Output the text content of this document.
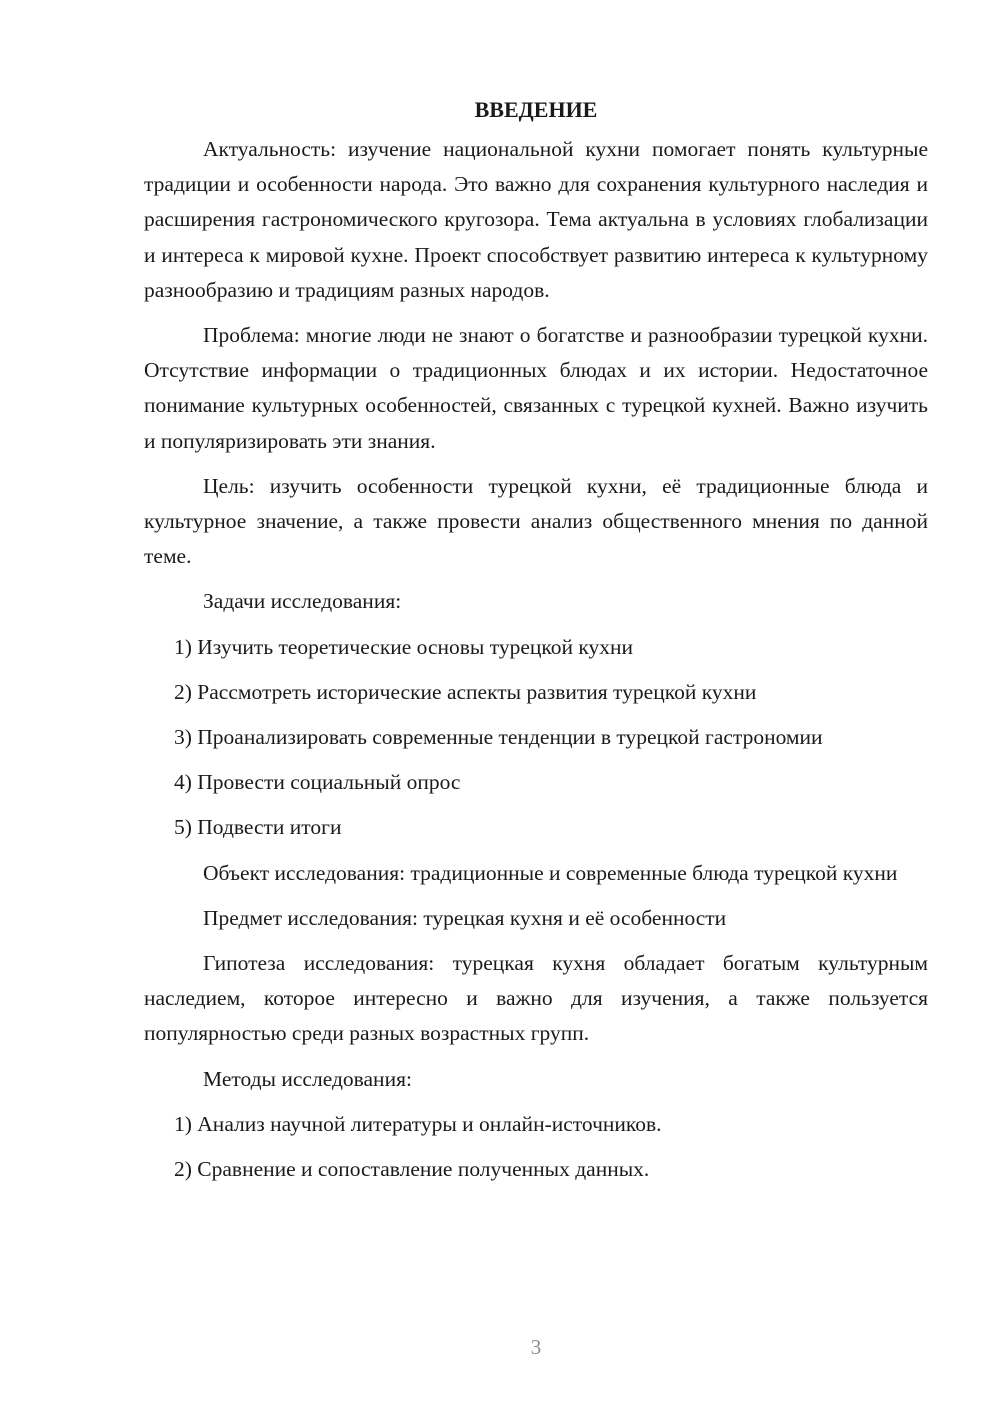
ВВЕДЕНИЕ

Актуальность: изучение национальной кухни помогает понять культурные традиции и особенности народа. Это важно для сохранения культурного наследия и расширения гастрономического кругозора. Тема актуальна в условиях глобализации и интереса к мировой кухне. Проект способствует развитию интереса к культурному разнообразию и традициям разных народов.

Проблема: многие люди не знают о богатстве и разнообразии турецкой кухни. Отсутствие информации о традиционных блюдах и их истории. Недостаточное понимание культурных особенностей, связанных с турецкой кухней. Важно изучить и популяризировать эти знания.

Цель: изучить особенности турецкой кухни, её традиционные блюда и культурное значение, а также провести анализ общественного мнения по данной теме.

Задачи исследования:

1) Изучить теоретические основы турецкой кухни
2) Рассмотреть исторические аспекты развития турецкой кухни
3) Проанализировать современные тенденции в турецкой гастрономии
4) Провести социальный опрос
5) Подвести итоги

Объект исследования: традиционные и современные блюда турецкой кухни

Предмет исследования: турецкая кухня и её особенности

Гипотеза исследования: турецкая кухня обладает богатым культурным наследием, которое интересно и важно для изучения, а также пользуется популярностью среди разных возрастных групп.

Методы исследования:

1) Анализ научной литературы и онлайн-источников.
2) Сравнение и сопоставление полученных данных.
3
